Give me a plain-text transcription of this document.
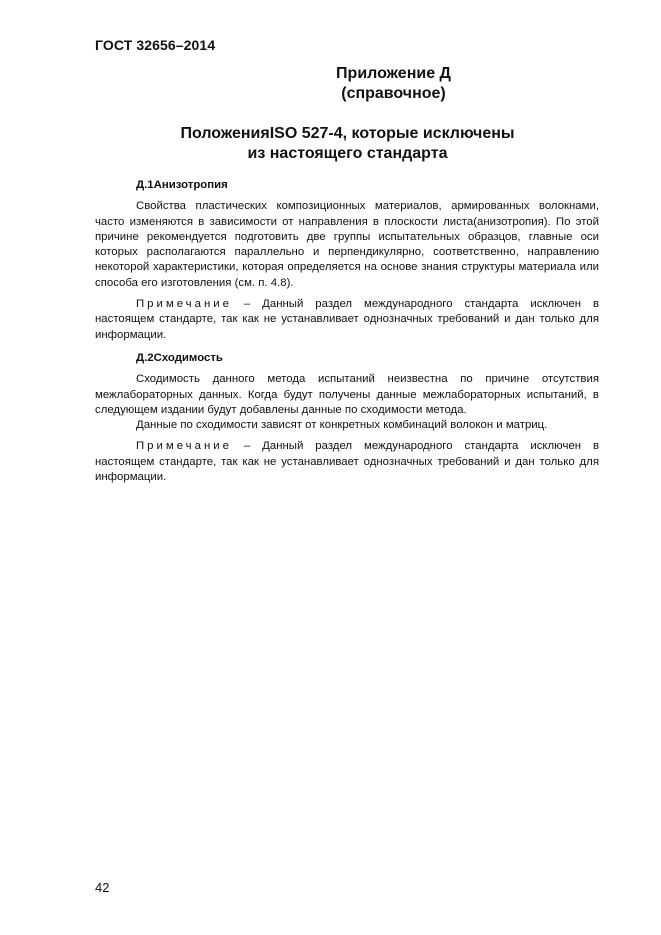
ГОСТ 32656–2014
Приложение Д
(справочное)
ПоложенияISO 527-4, которые исключены
из настоящего стандарта

Д.1Анизотропия

Свойства пластических композиционных материалов, армированных волокнами, часто изменяются в зависимости от направления в плоскости листа(анизотропия). По этой причине рекомендуется подготовить две группы испытательных образцов, главные оси которых располагаются параллельно и перпендикулярно, соответственно, направлению некоторой характеристики, которая определяется на основе знания структуры материала или способа его изготовления (см. п. 4.8).

Примечание – Данный раздел международного стандарта исключен в настоящем стандарте, так как не устанавливает однозначных требований и дан только для информации.

Д.2Сходимость

Сходимость данного метода испытаний неизвестна по причине отсутствия межлабораторных данных. Когда будут получены данные межлабораторных испытаний, в следующем издании будут добавлены данные по сходимости метода.

Данные по сходимости зависят от конкретных комбинаций волокон и матриц.

Примечание – Данный раздел международного стандарта исключен в настоящем стандарте, так как не устанавливает однозначных требований и дан только для информации.

42
